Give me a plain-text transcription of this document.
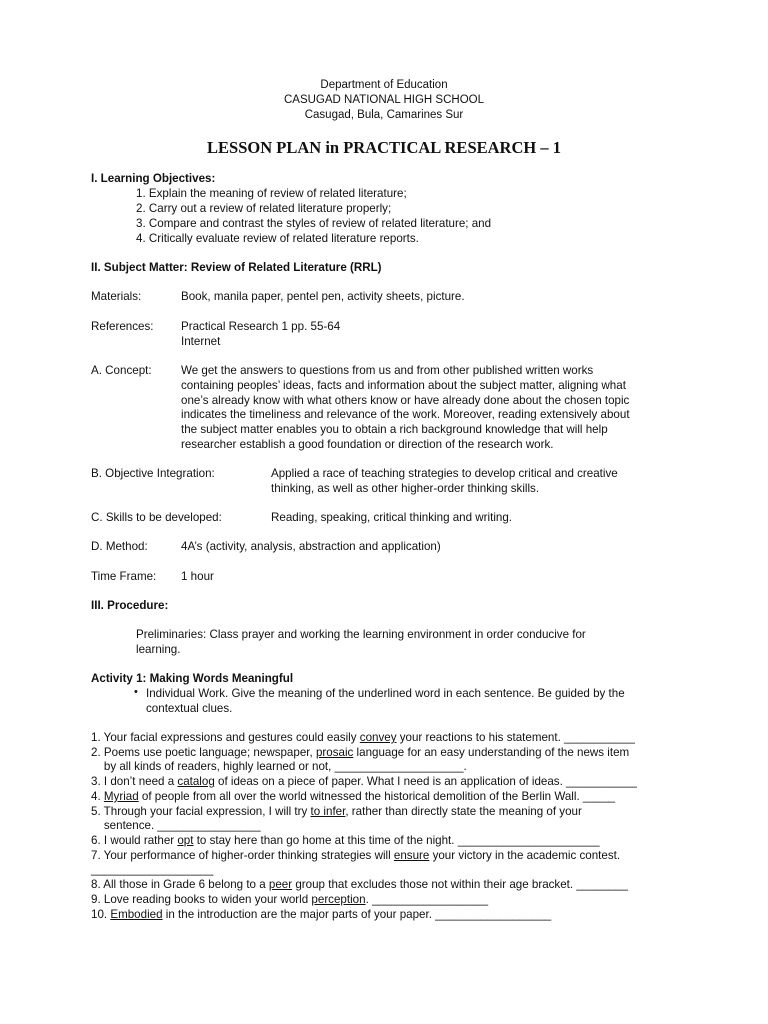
Department of Education
CASUGAD NATIONAL HIGH SCHOOL
Casugad, Bula, Camarines Sur
LESSON PLAN in PRACTICAL RESEARCH – 1
I. Learning Objectives:
1. Explain the meaning of review of related literature;
2. Carry out a review of related literature properly;
3. Compare and contrast the styles of review of related literature; and
4. Critically evaluate review of related literature reports.
II. Subject Matter: Review of Related Literature (RRL)
Materials:	Book, manila paper, pentel pen, activity sheets, picture.
References: Practical Research 1 pp. 55-64
Internet
A. Concept:	We get the answers to questions from us and from other published written works
containing peoples’ ideas, facts and information about the subject matter, aligning what
one’s already know with what others know or have already done about the chosen topic
indicates the timeliness and relevance of the work. Moreover, reading extensively about
the subject matter enables you to obtain a rich background knowledge that will help
researcher establish a good foundation or direction of the research work.
B. Objective Integration:	Applied a race of teaching strategies to develop critical and creative
thinking, as well as other higher-order thinking skills.
C. Skills to be developed:	Reading, speaking, critical thinking and writing.
D. Method:	4A’s (activity, analysis, abstraction and application)
Time Frame: 1 hour
III. Procedure:
Preliminaries: Class prayer and working the learning environment in order conducive for
learning.
Activity 1: Making Words Meaningful
• Individual Work. Give the meaning of the underlined word in each sentence. Be guided by the
contextual clues.
1. Your facial expressions and gestures could easily convey your reactions to his statement. ___________
2. Poems use poetic language; newspaper, prosaic language for an easy understanding of the news item
by all kinds of readers, highly learned or not, ____________________.
3. I don’t need a catalog of ideas on a piece of paper. What I need is an application of ideas. ___________
4. Myriad of people from all over the world witnessed the historical demolition of the Berlin Wall. _____
5. Through your facial expression, I will try to infer, rather than directly state the meaning of your
sentence. ________________
6. I would rather opt to stay here than go home at this time of the night. ______________________
7. Your performance of higher-order thinking strategies will ensure your victory in the academic contest.
___________________
8. All those in Grade 6 belong to a peer group that excludes those not within their age bracket. ________
9. Love reading books to widen your world perception. __________________
10. Embodied in the introduction are the major parts of your paper. __________________
